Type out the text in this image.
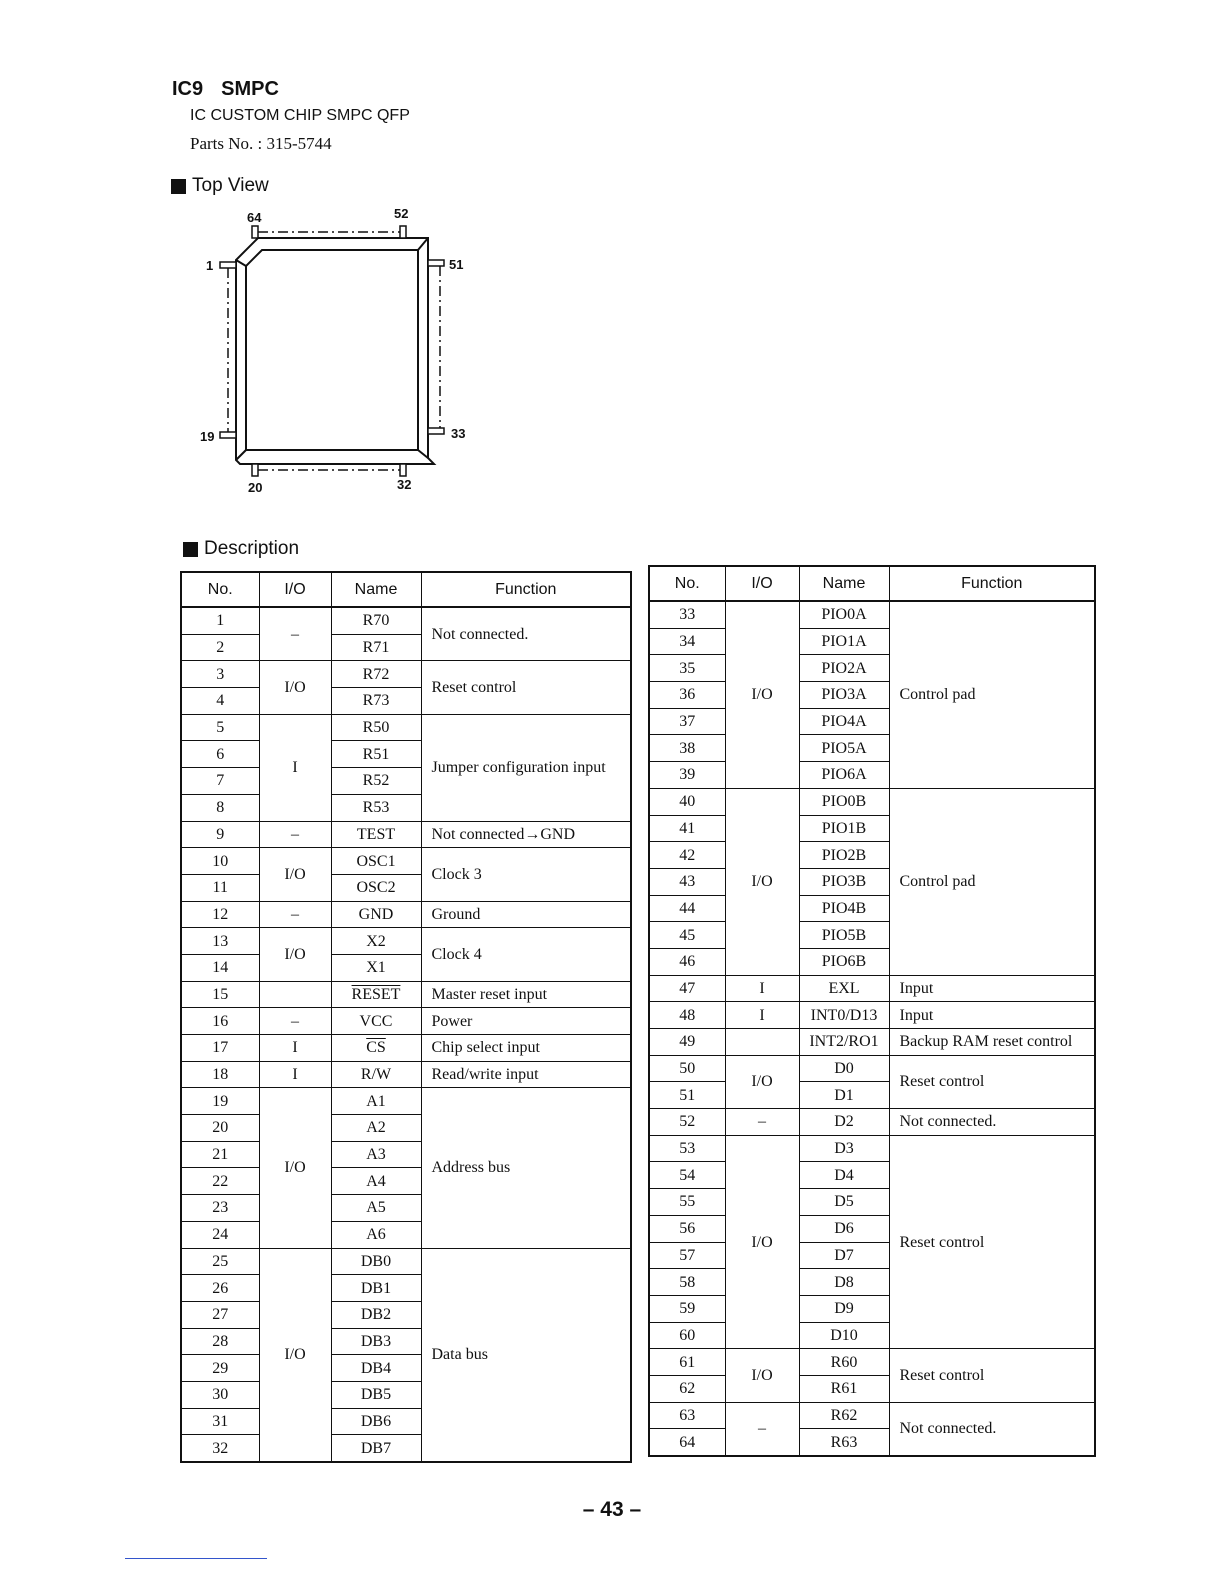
IC9 SMPC
IC CUSTOM CHIP SMPC QFP
Parts No. : 315-5744
Top View
64	52
1	51
19	33
20	32
Description
No.	I/O	Name	Function
1	–	R70	Not connected.
2		R71	
3	I/O	R72	Reset control
4		R73	
5	I	R50	Jumper configuration input
6		R51	
7		R52	
8		R53	
9	–	TEST	Not connected→GND
10	I/O	OSC1	Clock 3
11		OSC2	
12	–	GND	Ground
13	I/O	X2	Clock 4
14		X1	
15		RESET	Master reset input
16	–	VCC	Power
17	I	$\overline{CS}$	Chip select input
18	I	R/W	Read/write input
19	I/O	A1	Address bus
20		A2	
21		A3	
22		A4	
23		A5	
24		A6	
25	I/O	DB0	Data bus
26		DB1	
27		DB2	
28		DB3	
29		DB4	
30		DB5	
31		DB6	
32		DB7	
No.	I/O	Name	Function
33	I/O	PIO0A	Control pad
34		PIO1A	
35		PIO2A	
36		PIO3A	
37		PIO4A	
38		PIO5A	
39		PIO6A	
40	I/O	PIO0B	Control pad
41		PIO1B	
42		PIO2B	
43		PIO3B	
44		PIO4B	
45		PIO5B	
46		PIO6B	
47	I	EXL	Input
48	I	INT0/D13	Input
49		INT2/RO1	Backup RAM reset control
50	I/O	D0	Reset control
51		D1	
52	–	D2	Not connected.
53	I/O	D3	Reset control
54		D4	
55		D5	
56		D6	
57		D7	
58		D8	
59		D9	
60		D10	
61	I/O	R60	Reset control
62		R61	
63	–	R62	Not connected.
64		R63	
– 43 –
